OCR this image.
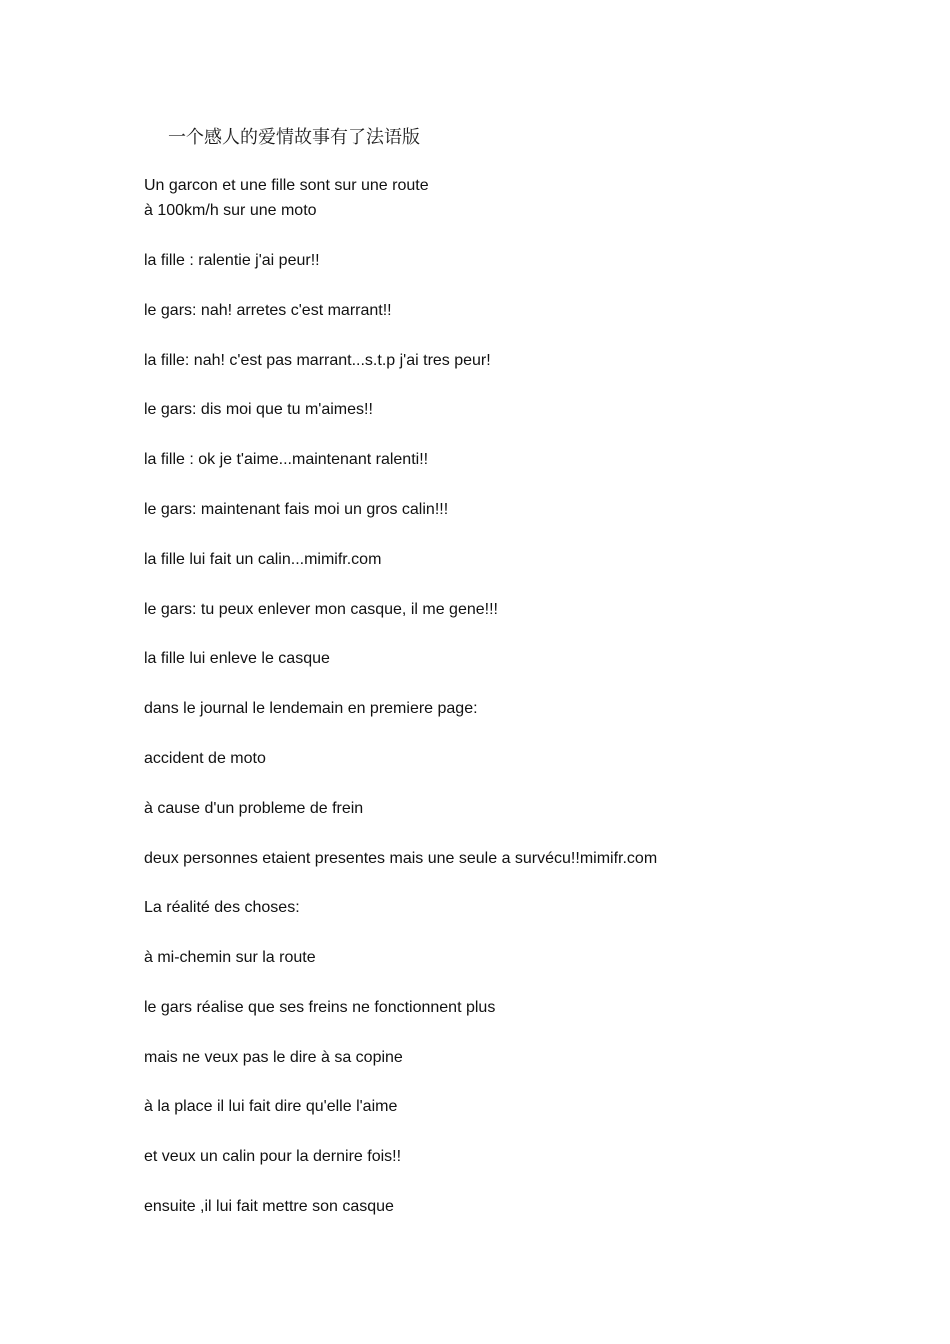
一个感人的爱情故事有了法语版
Un garcon et une fille sont sur une route
à 100km/h sur une moto
la fille : ralentie j'ai peur!!
le gars: nah! arretes c'est marrant!!
la fille: nah! c'est pas marrant...s.t.p j'ai tres peur!
le gars: dis moi que tu m'aimes!!
la fille : ok je t'aime...maintenant ralenti!!
le gars: maintenant fais moi un gros calin!!!
la fille lui fait un calin...mimifr.com
le gars: tu peux enlever mon casque, il me gene!!!
la fille lui enleve le casque
dans le journal le lendemain en premiere page:
accident de moto
à cause d'un probleme de frein
deux personnes etaient presentes mais une seule a survécu!!mimifr.com
La réalité des choses:
à mi-chemin sur la route
le gars réalise que ses freins ne fonctionnent plus
mais ne veux pas le dire à sa copine
à la place il lui fait dire qu'elle l'aime
et veux un calin pour la dernire fois!!
ensuite ,il lui fait mettre son casque
